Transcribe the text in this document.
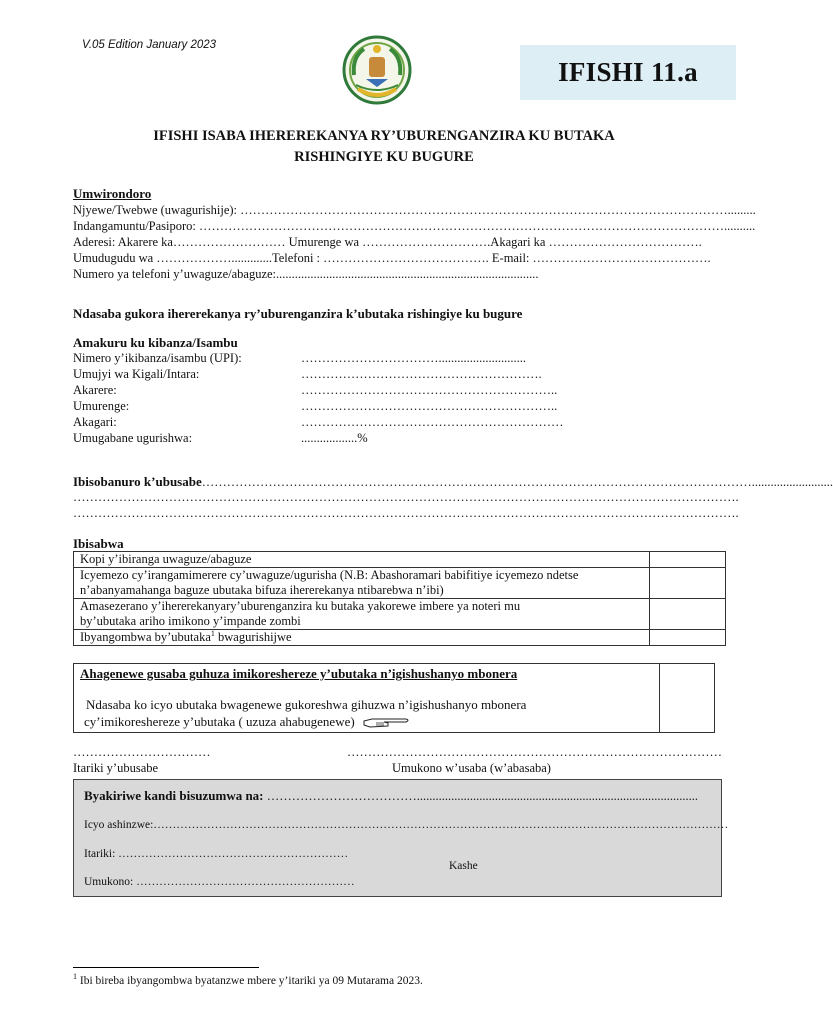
V.05 Edition January 2023
IFISHI 11.a
IFISHI ISABA IHEREREKANYA RY’UBURENGANZIRA KU BUTAKA
RISHINGIYE KU BUGURE
Umwirondoro
Njyewe/Twebwe (uwagurishije): ……………………………………………………………………………………………………….........
Indangamuntu/Pasiporo: ………………………………………………………………………………………………………………..........
Aderesi: Akarere ka……………………… Umurenge wa ………………………….Akagari ka ……………………………….
Umudugudu wa ……………….............Telefoni : …………………………………. E-mail: …………………………………….
Numero ya telefoni y’uwaguze/abaguze:....................................................................................
Ndasaba gukora ihererekanya ry’uburenganzira k’ubutaka rishingiye ku bugure
Amakuru ku kibanza/Isambu
Nimero y’ikibanza/isambu (UPI):	……………………………............................
Umujyi wa Kigali/Intara:	………………………………………………….
Akarere:	……………………………………………………..
Umurenge:	……………………………………………………..
Akagari:	………………………………………………………
Umugabane ugurishwa:	..................%
Ibisobanuro k’ubusabe……………………………………………………………………………………………………………………..........................
…………………………………………………………………………………………………………………………………………….
…………………………………………………………………………………………………………………………………………….
Ibisabwa
Kopi y’ibiranga uwaguze/abaguze	
Icyemezo cy’irangamimerere cy’uwaguze/ugurisha (N.B: Abashoramari babifitiye icyemezo ndetse
n’abanyamahanga baguze ubutaka bifuza ihererekanya ntibarebwa n’ibi)	
Amasezerano y’ihererekanyary’uburenganzira ku butaka yakorewe imbere ya noteri mu
by’ubutaka ariho imikono y’impande zombi	
Ibyangombwa by’ubutaka$^1$ bwagurishijwe	
Ahagenewe gusaba guhuza imikoreshereze y’ubutaka n’igishushanyo mbonera
Ndasaba ko icyo ubutaka bwagenewe gukoreshwa gihuzwa n’igishushanyo mbonera
cy’imikoreshereze y’ubutaka ( uzuza ahabugenewe)
……………………………	………………………………………………………………………………
Itariki y’ubusabe	Umukono w’usaba (w’abasaba)
Byakiriwe kandi bisuzumwa na: ………………………………..........................................................................................
Icyo ashinzwe:……………………………………………………………………………………………………………………………………
Itariki: ……………………………………………………
Kashe
Umukono: …………………………………………………
$^1$ Ibi bireba ibyangombwa byatanzwe mbere y’itariki ya 09 Mutarama 2023.
